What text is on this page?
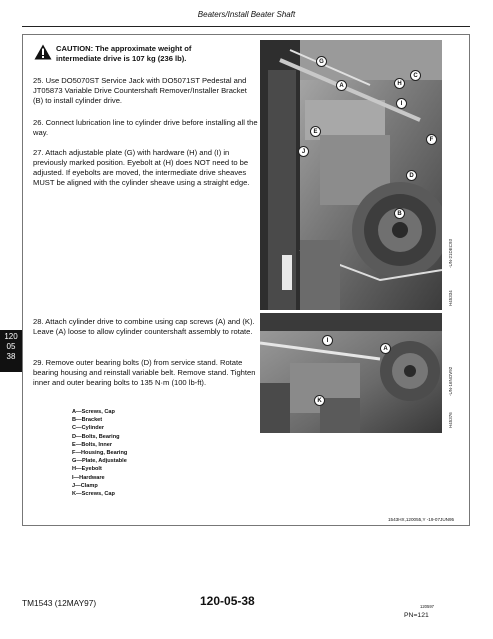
Beaters/Install Beater Shaft
CAUTION: The approximate weight of intermediate drive is 107 kg (236 lb).
25. Use DO5070ST Service Jack with DO5071ST Pedestal and JT05873 Variable Drive Countershaft Remover/Installer Bracket (B) to install cylinder drive.
26. Connect lubrication line to cylinder drive before installing all the way.
27. Attach adjustable plate (G) with hardware (H) and (I) in previously marked position. Eyebolt at (H) does NOT need to be adjusted. If eyebolts are moved, the intermediate drive sheaves MUST be aligned with the cylinder sheave using a straight edge.
28. Attach cylinder drive to combine using cap screws (A) and (K). Leave (A) loose to allow cylinder countershaft assembly to rotate.
29. Remove outer bearing bolts (D) from service stand. Rotate bearing housing and reinstall variable belt. Remove stand. Tighten inner and outer bearing bolts to 135 N·m (100 lb-ft).
A—Screws, Cap
B—Bracket
C—Cylinder
D—Bolts, Bearing
E—Bolts, Inner
F—Housing, Bearing
G—Plate, Adjustable
H—Eyebolt
I—Hardware
J—Clamp
K—Screws, Cap
G
A	H
C
I
E
F
J
D
B
H45334
-UN-21DEC93
I
A
K
H45376
-UN-16NOV92
120
05
38
1543HX,120055,Y -19-07JUN95
TM1543 (12MAY97)	120-05-38	120597
PN=121
